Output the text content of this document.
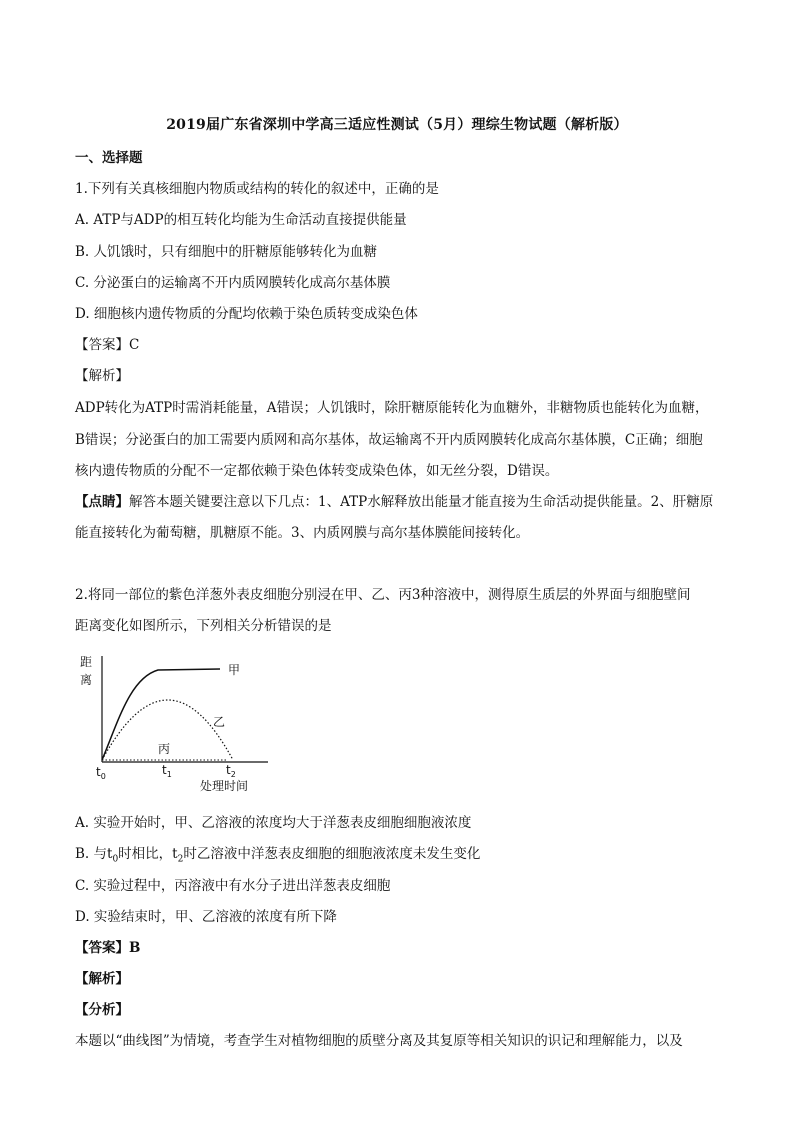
2019届广东省深圳中学高三适应性测试（5月）理综生物试题（解析版）
一、选择题
1.下列有关真核细胞内物质或结构的转化的叙述中，正确的是
A. ATP与ADP的相互转化均能为生命活动直接提供能量
B. 人饥饿时，只有细胞中的肝糖原能够转化为血糖
C. 分泌蛋白的运输离不开内质网膜转化成高尔基体膜
D. 细胞核内遗传物质的分配均依赖于染色质转变成染色体
【答案】C
【解析】
ADP转化为ATP时需消耗能量，A错误；人饥饿时，除肝糖原能转化为血糖外，非糖物质也能转化为血糖，
B错误；分泌蛋白的加工需要内质网和高尔基体，故运输离不开内质网膜转化成高尔基体膜，C正确；细胞
核内遗传物质的分配不一定都依赖于染色体转变成染色体，如无丝分裂，D错误。
【点睛】解答本题关键要注意以下几点：1、ATP水解释放出能量才能直接为生命活动提供能量。2、肝糖原
能直接转化为葡萄糖，肌糖原不能。3、内质网膜与高尔基体膜能间接转化。
2.将同一部位的紫色洋葱外表皮细胞分别浸在甲、乙、丙3种溶液中，测得原生质层的外界面与细胞壁间
距离变化如图所示，下列相关分析错误的是
距
离
甲
乙
丙
$t_0$	$t_1$	$t_2$
处理时间
A. 实验开始时，甲、乙溶液的浓度均大于洋葱表皮细胞细胞液浓度
B. 与$t_0$时相比，$t_2$时乙溶液中洋葱表皮细胞的细胞液浓度未发生变化
C. 实验过程中，丙溶液中有水分子进出洋葱表皮细胞
D. 实验结束时，甲、乙溶液的浓度有所下降
【答案】B
【解析】
【分析】
本题以“曲线图”为情境，考查学生对植物细胞的质壁分离及其复原等相关知识的识记和理解能力，以及
